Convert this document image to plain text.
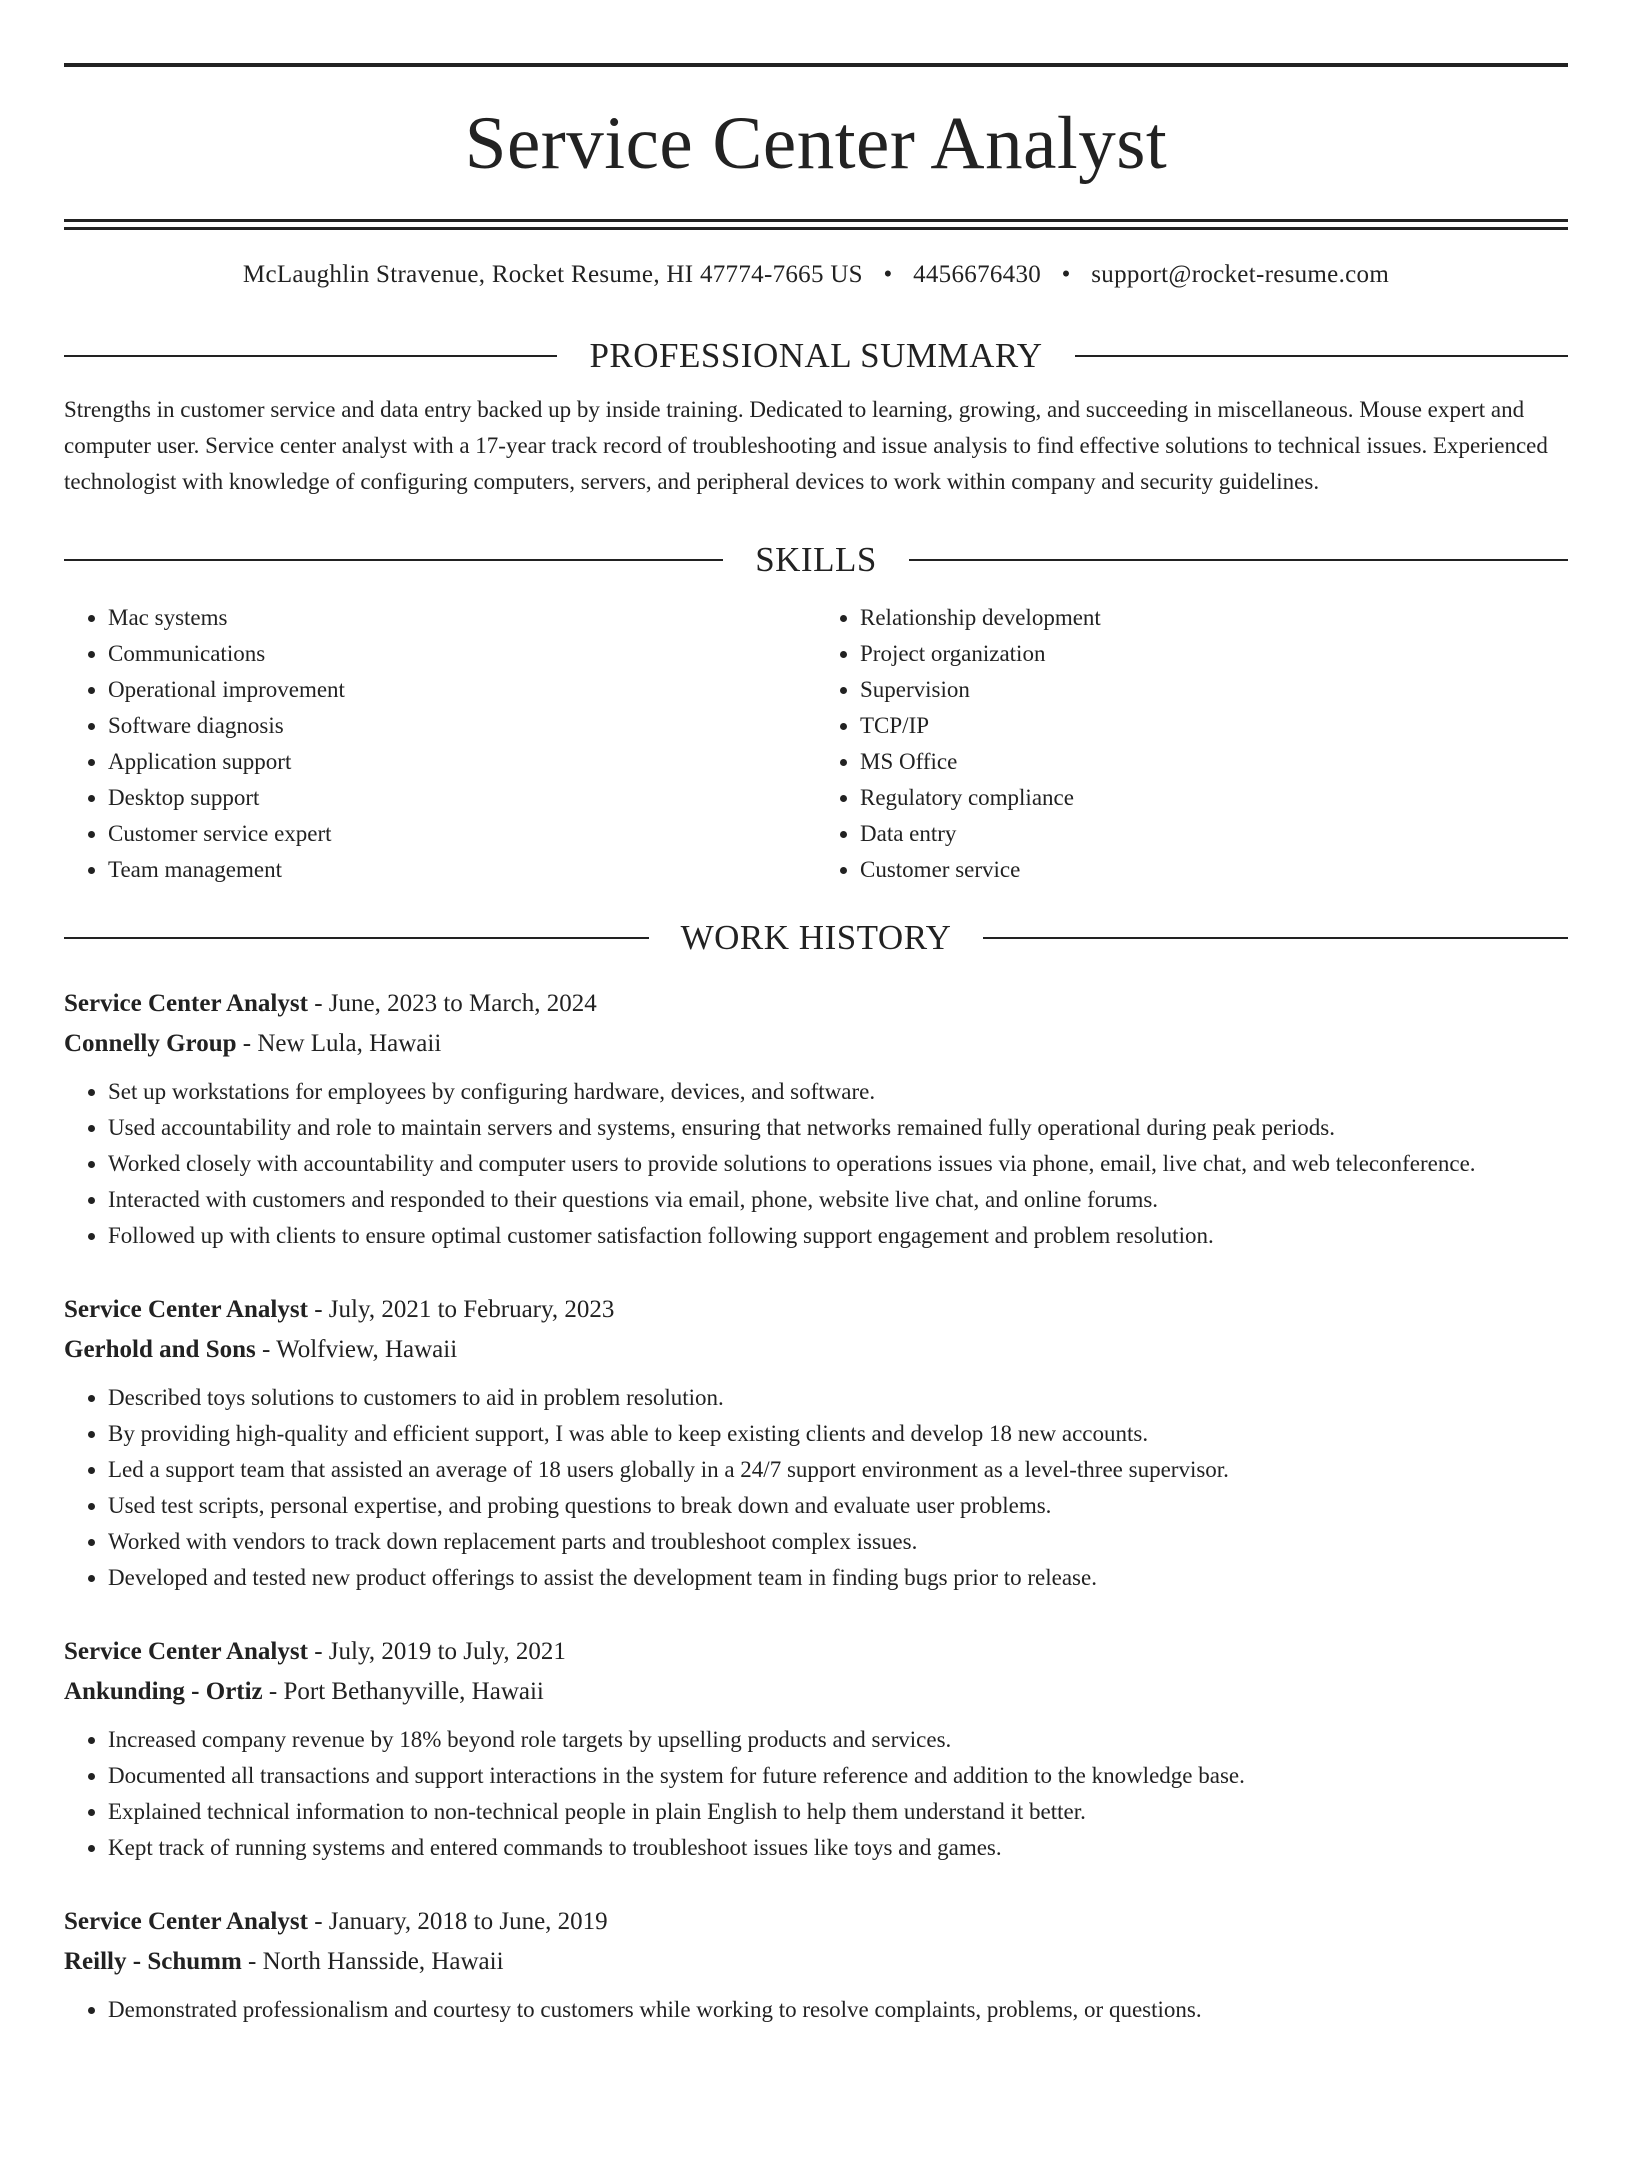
Service Center Analyst
McLaughlin Stravenue, Rocket Resume, HI 47774-7665 US • 4456676430 • support@rocket-resume.com
PROFESSIONAL SUMMARY

Strengths in customer service and data entry backed up by inside training. Dedicated to learning, growing, and succeeding in miscellaneous. Mouse expert and computer user. Service center analyst with a 17-year track record of troubleshooting and issue analysis to find effective solutions to technical issues. Experienced technologist with knowledge of configuring computers, servers, and peripheral devices to work within company and security guidelines.

SKILLS
• Mac systems
• Communications
• Operational improvement
• Software diagnosis
• Application support
• Desktop support
• Customer service expert
• Team management
• Relationship development
• Project organization
• Supervision
• TCP/IP
• MS Office
• Regulatory compliance
• Data entry
• Customer service
WORK HISTORY
Service Center Analyst - June, 2023 to March, 2024
Connelly Group - New Lula, Hawaii
• Set up workstations for employees by configuring hardware, devices, and software.
• Used accountability and role to maintain servers and systems, ensuring that networks remained fully operational during peak periods.
• Worked closely with accountability and computer users to provide solutions to operations issues via phone, email, live chat, and web teleconference.
• Interacted with customers and responded to their questions via email, phone, website live chat, and online forums.
• Followed up with clients to ensure optimal customer satisfaction following support engagement and problem resolution.
Service Center Analyst - July, 2021 to February, 2023
Gerhold and Sons - Wolfview, Hawaii
• Described toys solutions to customers to aid in problem resolution.
• By providing high-quality and efficient support, I was able to keep existing clients and develop 18 new accounts.
• Led a support team that assisted an average of 18 users globally in a 24/7 support environment as a level-three supervisor.
• Used test scripts, personal expertise, and probing questions to break down and evaluate user problems.
• Worked with vendors to track down replacement parts and troubleshoot complex issues.
• Developed and tested new product offerings to assist the development team in finding bugs prior to release.
Service Center Analyst - July, 2019 to July, 2021
Ankunding - Ortiz - Port Bethanyville, Hawaii
• Increased company revenue by 18% beyond role targets by upselling products and services.
• Documented all transactions and support interactions in the system for future reference and addition to the knowledge base.
• Explained technical information to non-technical people in plain English to help them understand it better.
• Kept track of running systems and entered commands to troubleshoot issues like toys and games.
Service Center Analyst - January, 2018 to June, 2019
Reilly - Schumm - North Hansside, Hawaii
• Demonstrated professionalism and courtesy to customers while working to resolve complaints, problems, or questions.
